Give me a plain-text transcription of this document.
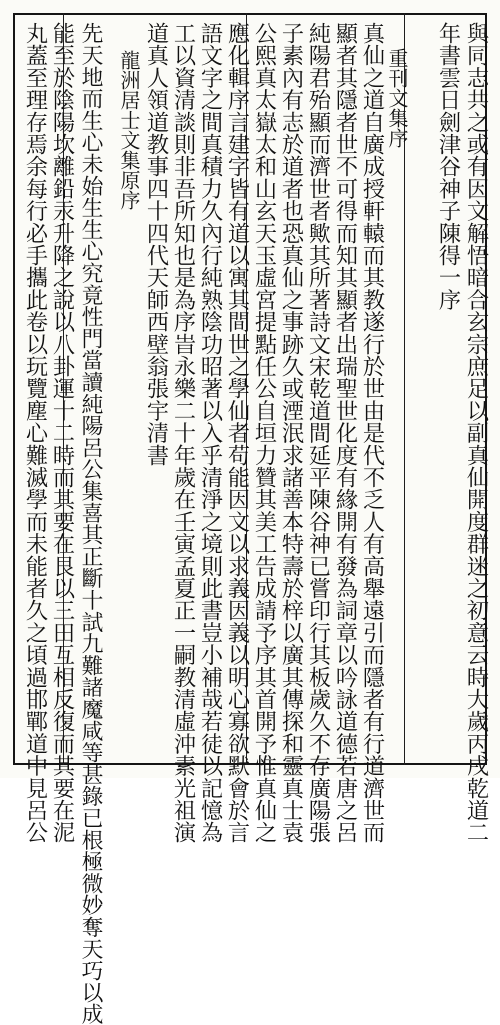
與同志共之或有因文解悟暗合玄宗庶足以副真仙開度群迷之初意云時大歲丙戌乾道二
年書雲日劍津谷神子陳得一序
重刊文集序
真仙之道自廣成授軒轅而其教遂行於世由是代不乏人有高舉遠引而隱者有行道濟世而
顯者其隱者世不可得而知其顯者出瑞聖世化度有緣開有發為詞章以吟詠道德若唐之呂
純陽君殆顯而濟世者歟其所著詩文宋乾道間延平陳谷神已嘗印行其板歲久不存廣陽張
子素內有志於道者也恐真仙之事跡久或湮泯求諸善本特壽於梓以廣其傳探和靈真士袁
公熙真太嶽太和山玄天玉虛宮提點任公自垣力贊其美工告成請予序其首開予惟真仙之
應化輯序言建字皆有道以寓其間世之學仙者苟能因文以求義因義以明心寡欲默會於言
語文字之間真積力久內行純熟陰功昭著以入乎清淨之境則此書豈小補哉若徒以記憶為
工以資清談則非吾所知也是為序旹永樂二十年歲在壬寅孟夏正一嗣教清虛沖素光祖演
道真人領道教事四十四代天師西壁翁張宇清書
龍洲居士文集原序
先天地而生心未始生生心究竟性門當讀純陽呂公集喜其正斷十試九難諸魔咸等甚錄已根極微妙奪天巧以成
能至於陰陽坎離鉛汞升降之說以八卦運十二時而其要在艮以三田互相反復而其要在泥
丸蓋至理存焉余每行必手攜此卷以玩覽塵心難滅學而未能者久之頃過邯鄲道中見呂公
